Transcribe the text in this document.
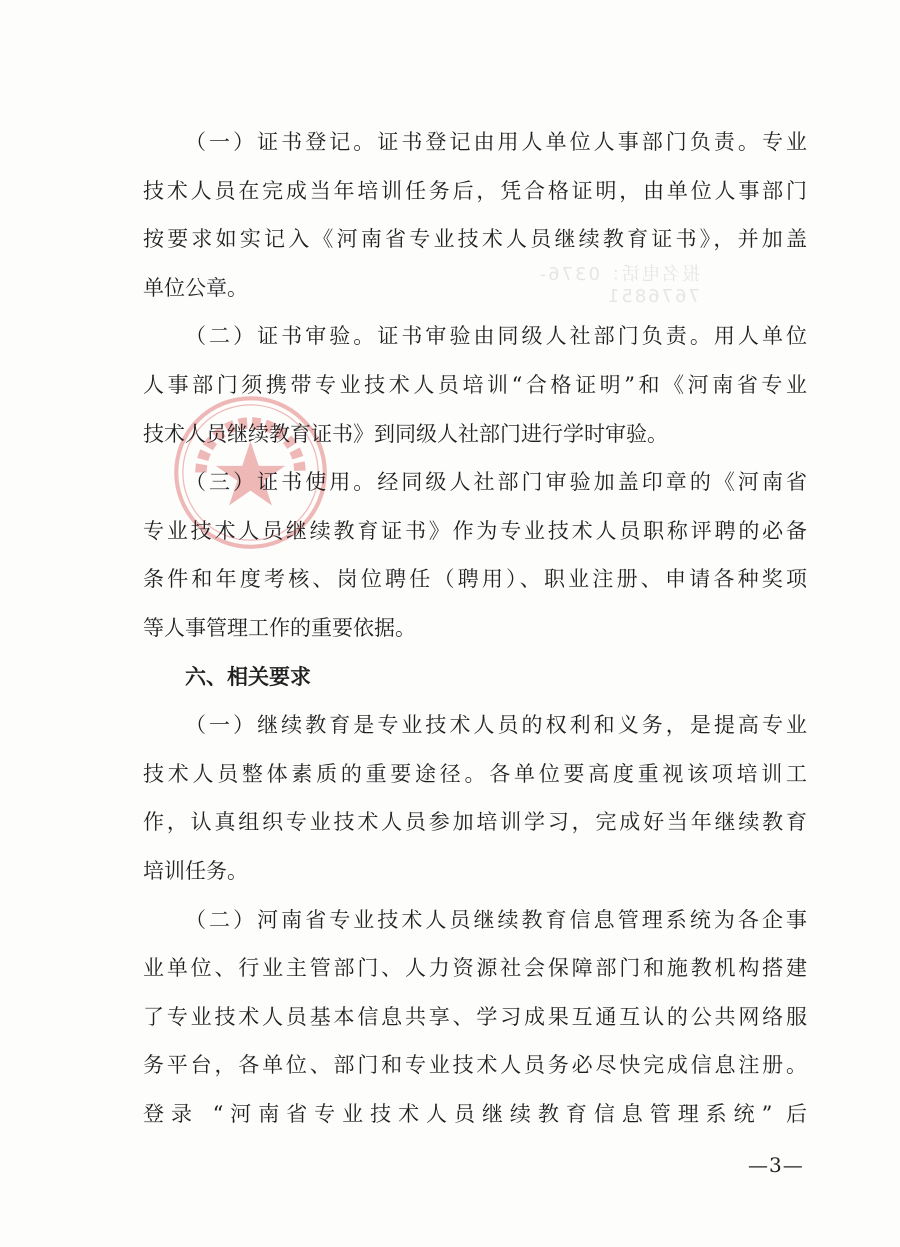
报名电话：0376-7676851
（一）证书登记。证书登记由用人单位人事部门负责。专业
技术人员在完成当年培训任务后，凭合格证明，由单位人事部门
按要求如实记入《河南省专业技术人员继续教育证书》，并加盖
单位公章。
（二）证书审验。证书审验由同级人社部门负责。用人单位
人事部门须携带专业技术人员培训“合格证明”和《河南省专业
技术人员继续教育证书》到同级人社部门进行学时审验。
（三）证书使用。经同级人社部门审验加盖印章的《河南省
专业技术人员继续教育证书》作为专业技术人员职称评聘的必备
条件和年度考核、岗位聘任（聘用）、职业注册、申请各种奖项
等人事管理工作的重要依据。
六、相关要求
（一）继续教育是专业技术人员的权利和义务，是提高专业
技术人员整体素质的重要途径。各单位要高度重视该项培训工
作，认真组织专业技术人员参加培训学习，完成好当年继续教育
培训任务。
（二）河南省专业技术人员继续教育信息管理系统为各企事
业单位、行业主管部门、人力资源社会保障部门和施教机构搭建
了专业技术人员基本信息共享、学习成果互通互认的公共网络服
务平台，各单位、部门和专业技术人员务必尽快完成信息注册。
登录 “河南省专业技术人员继续教育信息管理系统” 后
—3—
